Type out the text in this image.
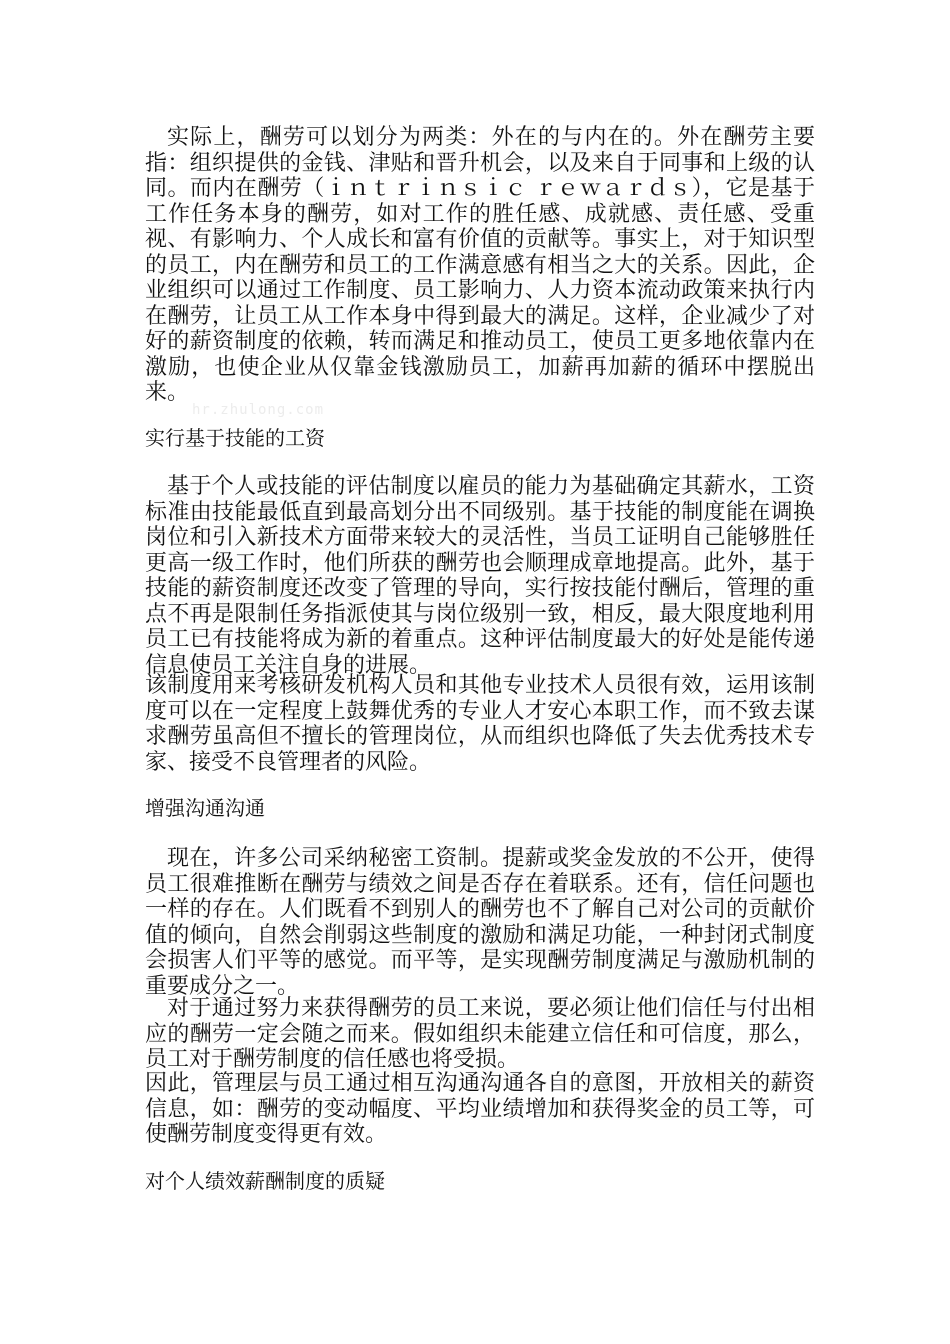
实际上，酬劳可以划分为两类：外在的与内在的。外在酬劳主要指：组织提供的金钱、津贴和晋升机会，以及来自于同事和上级的认同。而内在酬劳（ｉｎｔｒｉｎｓｉｃ ｒｅｗａｒｄｓ），它是基于工作任务本身的酬劳，如对工作的胜任感、成就感、责任感、受重视、有影响力、个人成长和富有价值的贡献等。事实上，对于知识型的员工，内在酬劳和员工的工作满意感有相当之大的关系。因此，企业组织可以通过工作制度、员工影响力、人力资本流动政策来执行内在酬劳，让员工从工作本身中得到最大的满足。这样，企业减少了对好的薪资制度的依赖，转而满足和推动员工，使员工更多地依靠内在激励，也使企业从仅靠金钱激励员工，加薪再加薪的循环中摆脱出来。

hr.zhulong.com
实行基于技能的工资

基于个人或技能的评估制度以雇员的能力为基础确定其薪水，工资标准由技能最低直到最高划分出不同级别。基于技能的制度能在调换岗位和引入新技术方面带来较大的灵活性，当员工证明自己能够胜任更高一级工作时，他们所获的酬劳也会顺理成章地提高。此外，基于技能的薪资制度还改变了管理的导向，实行按技能付酬后，管理的重点不再是限制任务指派使其与岗位级别一致，相反，最大限度地利用员工已有技能将成为新的着重点。这种评估制度最大的好处是能传递信息使员工关注自身的进展。

该制度用来考核研发机构人员和其他专业技术人员很有效，运用该制度可以在一定程度上鼓舞优秀的专业人才安心本职工作，而不致去谋求酬劳虽高但不擅长的管理岗位，从而组织也降低了失去优秀技术专家、接受不良管理者的风险。

增强沟通沟通

现在，许多公司采纳秘密工资制。提薪或奖金发放的不公开，使得员工很难推断在酬劳与绩效之间是否存在着联系。还有，信任问题也一样的存在。人们既看不到别人的酬劳也不了解自己对公司的贡献价值的倾向，自然会削弱这些制度的激励和满足功能，一种封闭式制度会损害人们平等的感觉。而平等，是实现酬劳制度满足与激励机制的重要成分之一。

对于通过努力来获得酬劳的员工来说，要必须让他们信任与付出相应的酬劳一定会随之而来。假如组织未能建立信任和可信度，那么，员工对于酬劳制度的信任感也将受损。

因此，管理层与员工通过相互沟通沟通各自的意图，开放相关的薪资信息，如：酬劳的变动幅度、平均业绩增加和获得奖金的员工等，可使酬劳制度变得更有效。

对个人绩效薪酬制度的质疑
